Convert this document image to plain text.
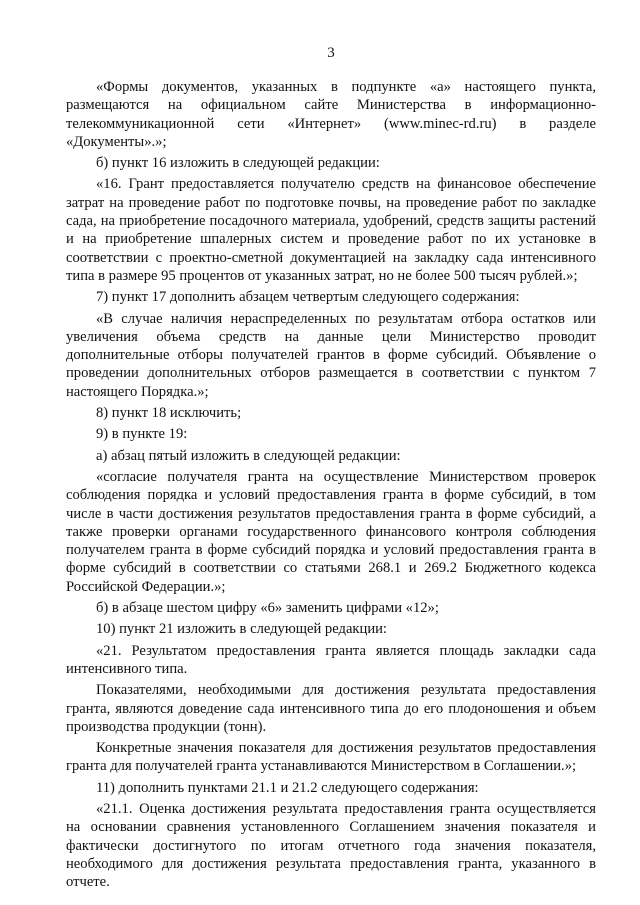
3

«Формы документов, указанных в подпункте «а» настоящего пункта, размещаются на официальном сайте Министерства в информационно-телекоммуникационной сети «Интернет» (www.minec-rd.ru) в разделе «Документы».»;

б) пункт 16 изложить в следующей редакции:

«16. Грант предоставляется получателю средств на финансовое обеспечение затрат на проведение работ по подготовке почвы, на проведение работ по закладке сада, на приобретение посадочного материала, удобрений, средств защиты растений и на приобретение шпалерных систем и проведение работ по их установке в соответствии с проектно-сметной документацией на закладку сада интенсивного типа в размере 95 процентов от указанных затрат, но не более 500 тысяч рублей.»;

7) пункт 17 дополнить абзацем четвертым следующего содержания:

«В случае наличия нераспределенных по результатам отбора остатков или увеличения объема средств на данные цели Министерство проводит дополнительные отборы получателей грантов в форме субсидий. Объявление о проведении дополнительных отборов размещается в соответствии с пунктом 7 настоящего Порядка.»;

8) пункт 18 исключить;

9) в пункте 19:

а) абзац пятый изложить в следующей редакции:

«согласие получателя гранта на осуществление Министерством проверок соблюдения порядка и условий предоставления гранта в форме субсидий, в том числе в части достижения результатов предоставления гранта в форме субсидий, а также проверки органами государственного финансового контроля соблюдения получателем гранта в форме субсидий порядка и условий предоставления гранта в форме субсидий в соответствии со статьями 268.1 и 269.2 Бюджетного кодекса Российской Федерации.»;

б) в абзаце шестом цифру «6» заменить цифрами «12»;

10) пункт 21 изложить в следующей редакции:

«21. Результатом предоставления гранта является площадь закладки сада интенсивного типа.

Показателями, необходимыми для достижения результата предоставления гранта, являются доведение сада интенсивного типа до его плодоношения и объем производства продукции (тонн).

Конкретные значения показателя для достижения результатов предоставления гранта для получателей гранта устанавливаются Министерством в Соглашении.»;

11) дополнить пунктами 21.1 и 21.2 следующего содержания:

«21.1. Оценка достижения результата предоставления гранта осуществляется на основании сравнения установленного Соглашением значения показателя и фактически достигнутого по итогам отчетного года значения показателя, необходимого для достижения результата предоставления гранта, указанного в отчете.
